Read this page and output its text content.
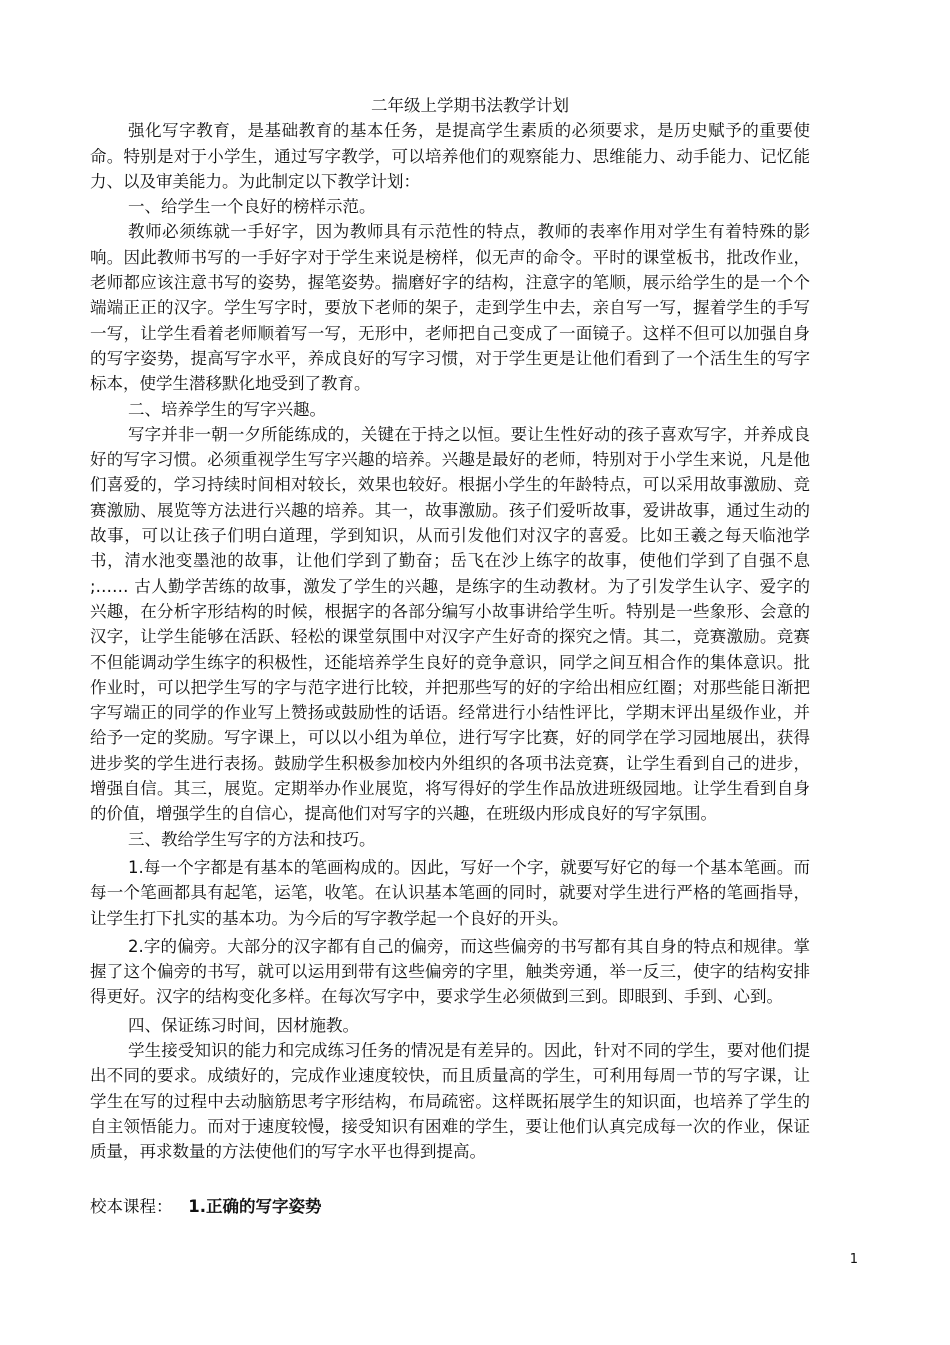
二年级上学期书法教学计划

强化写字教育，是基础教育的基本任务，是提高学生素质的必须要求，是历史赋予的重要使命。特别是对于小学生，通过写字教学，可以培养他们的观察能力、思维能力、动手能力、记忆能力、以及审美能力。为此制定以下教学计划：

一、给学生一个良好的榜样示范。

教师必须练就一手好字，因为教师具有示范性的特点，教师的表率作用对学生有着特殊的影响。因此教师书写的一手好字对于学生来说是榜样，似无声的命令。平时的课堂板书，批改作业，老师都应该注意书写的姿势，握笔姿势。揣磨好字的结构，注意字的笔顺，展示给学生的是一个个端端正正的汉字。学生写字时，要放下老师的架子，走到学生中去，亲自写一写，握着学生的手写一写，让学生看着老师顺着写一写，无形中，老师把自己变成了一面镜子。这样不但可以加强自身的写字姿势，提高写字水平，养成良好的写字习惯，对于学生更是让他们看到了一个活生生的写字标本，使学生潜移默化地受到了教育。

二、培养学生的写字兴趣。

写字并非一朝一夕所能练成的，关键在于持之以恒。要让生性好动的孩子喜欢写字，并养成良好的写字习惯。必须重视学生写字兴趣的培养。兴趣是最好的老师，特别对于小学生来说，凡是他们喜爱的，学习持续时间相对较长，效果也较好。根据小学生的年龄特点，可以采用故事激励、竞赛激励、展览等方法进行兴趣的培养。其一，故事激励。孩子们爱听故事，爱讲故事，通过生动的故事，可以让孩子们明白道理，学到知识，从而引发他们对汉字的喜爱。比如王羲之每天临池学书，清水池变墨池的故事，让他们学到了勤奋；岳飞在沙上练字的故事，使他们学到了自强不息 ;…… 古人勤学苦练的故事，激发了学生的兴趣，是练字的生动教材。为了引发学生认字、爱字的兴趣，在分析字形结构的时候，根据字的各部分编写小故事讲给学生听。特别是一些象形、会意的汉字，让学生能够在活跃、轻松的课堂氛围中对汉字产生好奇的探究之情。其二，竞赛激励。竞赛不但能调动学生练字的积极性，还能培养学生良好的竞争意识，同学之间互相合作的集体意识。批作业时，可以把学生写的字与范字进行比较，并把那些写的好的字给出相应红圈；对那些能日渐把字写端正的同学的作业写上赞扬或鼓励性的话语。经常进行小结性评比，学期末评出星级作业，并给予一定的奖励。写字课上，可以以小组为单位，进行写字比赛，好的同学在学习园地展出，获得进步奖的学生进行表扬。鼓励学生积极参加校内外组织的各项书法竞赛，让学生看到自己的进步，增强自信。其三，展览。定期举办作业展览，将写得好的学生作品放进班级园地。让学生看到自身的价值，增强学生的自信心，提高他们对写字的兴趣，在班级内形成良好的写字氛围。

三、教给学生写字的方法和技巧。

1.每一个字都是有基本的笔画构成的。因此，写好一个字，就要写好它的每一个基本笔画。而每一个笔画都具有起笔，运笔，收笔。在认识基本笔画的同时，就要对学生进行严格的笔画指导，让学生打下扎实的基本功。为今后的写字教学起一个良好的开头。

2.字的偏旁。大部分的汉字都有自己的偏旁，而这些偏旁的书写都有其自身的特点和规律。掌握了这个偏旁的书写，就可以运用到带有这些偏旁的字里，触类旁通，举一反三，使字的结构安排得更好。汉字的结构变化多样。在每次写字中，要求学生必须做到三到。即眼到、手到、心到。

四、保证练习时间，因材施教。

学生接受知识的能力和完成练习任务的情况是有差异的。因此，针对不同的学生，要对他们提出不同的要求。成绩好的，完成作业速度较快，而且质量高的学生，可利用每周一节的写字课，让学生在写的过程中去动脑筋思考字形结构，布局疏密。这样既拓展学生的知识面，也培养了学生的自主领悟能力。而对于速度较慢，接受知识有困难的学生，要让他们认真完成每一次的作业，保证质量，再求数量的方法使他们的写字水平也得到提高。

校本课程： 1.正确的写字姿势

1
